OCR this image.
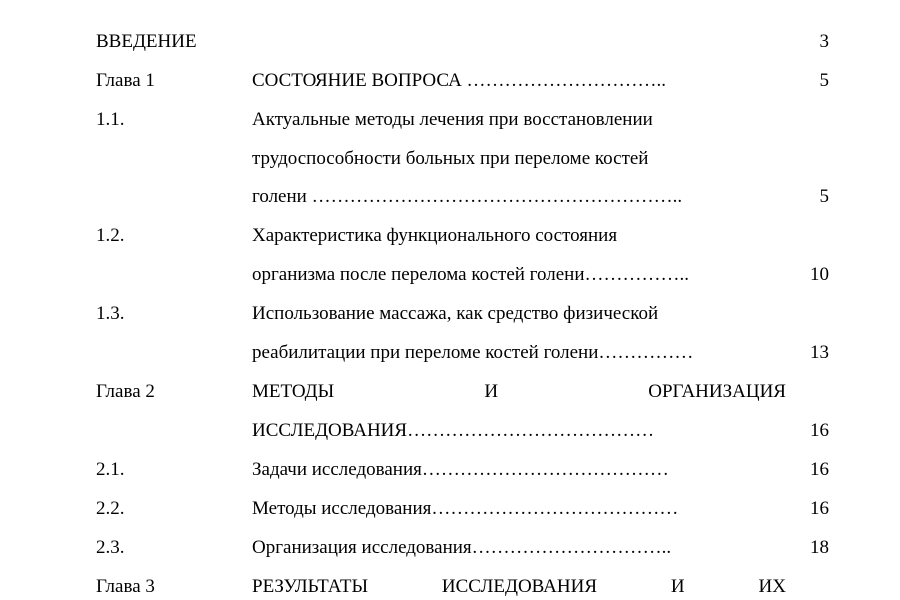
ВВЕДЕНИЕ	3
Глава 1	СОСТОЯНИЕ ВОПРОСА …………………………..	5
1.1.	Актуальные методы лечения при восстановлении
трудоспособности больных при переломе костей
голени …………………………………………………..	5
1.2.	Характеристика функционального состояния
организма после перелома костей голени……………..	10
1.3.	Использование массажа, как средство физической
реабилитации при переломе костей голени……………	13
Глава 2	МЕТОДЫ	И	ОРГАНИЗАЦИЯ
ИССЛЕДОВАНИЯ…………………………………	16
2.1.	Задачи исследования…………………………………	16
2.2.	Методы исследования…………………………………	16
2.3.	Организация исследования…………………………..	18
Глава 3	РЕЗУЛЬТАТЫ	ИССЛЕДОВАНИЯ	И	ИХ
